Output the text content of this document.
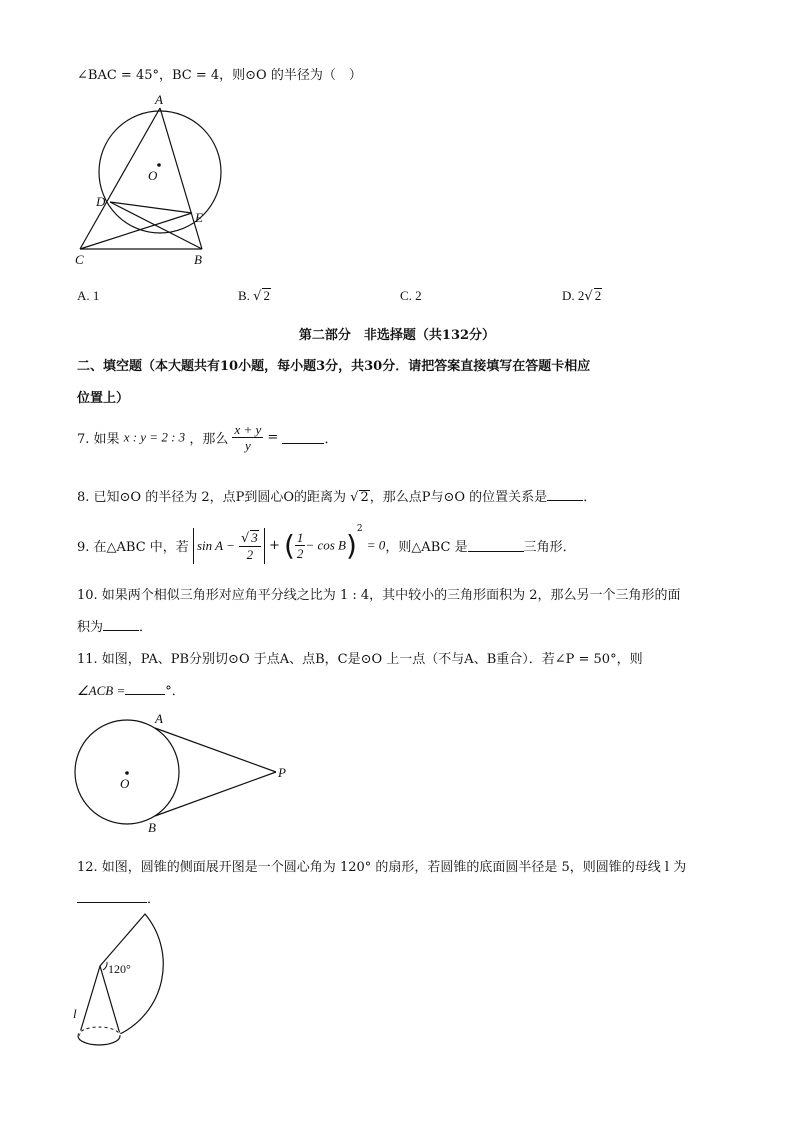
∠BAC = 45°，BC = 4，则⊙O 的半径为（　）
A
O
D
E
C	B
A. 1	B. √ 2	C. 2	D. 2√ 2
第二部分　非选择题（共132分）
二、填空题（本大题共有10小题，每小题3分，共30分．请把答案直接填写在答题卡相应
位置上）
7. 如果 x : y = 2 : 3 ，那么 $\frac{x + y}{y}$ =	．
8. 已知⊙O 的半径为 2，点P到圆心O的距离为 √ 2，那么点P与⊙O 的位置关系是	．
9. 在△ABC 中，若 $\sin A - \frac{√ 3}{2}$ + ( $\frac{1}{2} - \cos B)^2 = 0$，则△ABC 是	三角形．
10. 如果两个相似三角形对应角平分线之比为 1 : 4，其中较小的三角形面积为 2，那么另一个三角形的面
积为	．
11. 如图，PA、PB分别切⊙O 于点A、点B，C是⊙O 上一点（不与A、B重合）．若∠P = 50°，则
∠ACB =	°．
A
O
P
B
12. 如图，圆锥的侧面展开图是一个圆心角为 120° 的扇形，若圆锥的底面圆半径是 5，则圆锥的母线 l 为
．
120°
l
